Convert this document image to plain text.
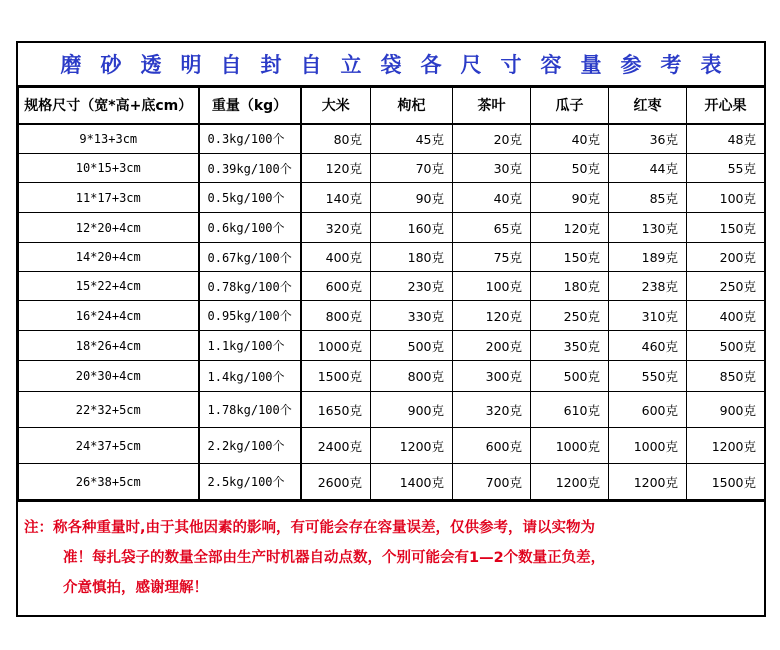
磨砂透明自封自立袋各尺寸容量参考表
规格尺寸（宽*高+底cm）	重量（kg）	大米	枸杞	茶叶	瓜子	红枣	开心果
9*13+3cm	0.3kg/100个	80克	45克	20克	40克	36克	48克
10*15+3cm	0.39kg/100个	120克	70克	30克	50克	44克	55克
11*17+3cm	0.5kg/100个	140克	90克	40克	90克	85克	100克
12*20+4cm	0.6kg/100个	320克	160克	65克	120克	130克	150克
14*20+4cm	0.67kg/100个	400克	180克	75克	150克	189克	200克
15*22+4cm	0.78kg/100个	600克	230克	100克	180克	238克	250克
16*24+4cm	0.95kg/100个	800克	330克	120克	250克	310克	400克
18*26+4cm	1.1kg/100个	1000克	500克	200克	350克	460克	500克
20*30+4cm	1.4kg/100个	1500克	800克	300克	500克	550克	850克
22*32+5cm	1.78kg/100个	1650克	900克	320克	610克	600克	900克
24*37+5cm	2.2kg/100个	2400克	1200克	600克	1000克	1000克	1200克
26*38+5cm	2.5kg/100个	2600克	1400克	700克	1200克	1200克	1500克
注：称各种重量时,由于其他因素的影响，有可能会存在容量误差，仅供参考，请以实物为
准！每扎袋子的数量全部由生产时机器自动点数，个别可能会有1—2个数量正负差，
介意慎拍，感谢理解！
